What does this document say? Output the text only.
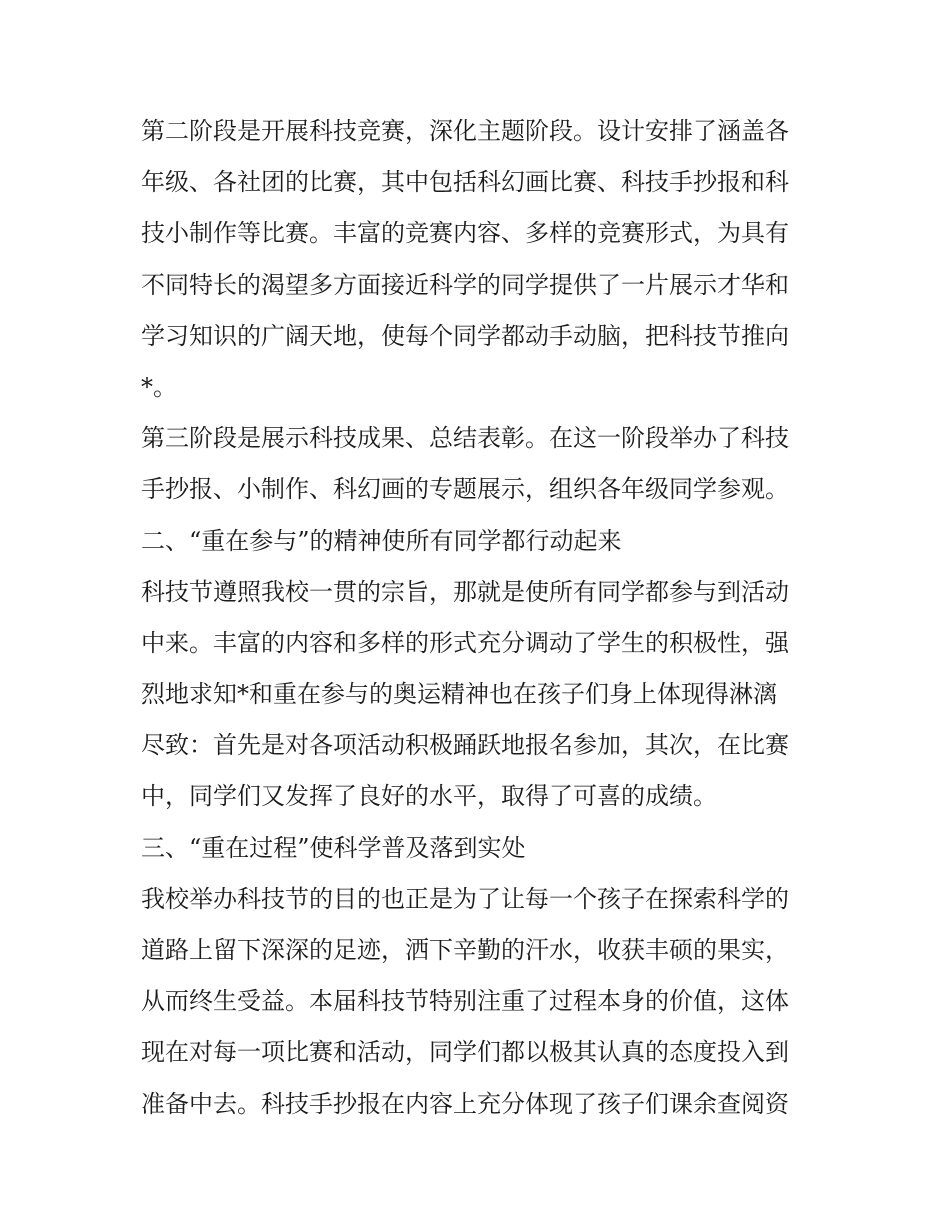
第二阶段是开展科技竞赛，深化主题阶段。设计安排了涵盖各
年级、各社团的比赛，其中包括科幻画比赛、科技手抄报和科
技小制作等比赛。丰富的竞赛内容、多样的竞赛形式，为具有
不同特长的渴望多方面接近科学的同学提供了一片展示才华和
学习知识的广阔天地，使每个同学都动手动脑，把科技节推向
*。
第三阶段是展示科技成果、总结表彰。在这一阶段举办了科技
手抄报、小制作、科幻画的专题展示，组织各年级同学参观。
二、“重在参与”的精神使所有同学都行动起来
科技节遵照我校一贯的宗旨，那就是使所有同学都参与到活动
中来。丰富的内容和多样的形式充分调动了学生的积极性，强
烈地求知*和重在参与的奥运精神也在孩子们身上体现得淋漓
尽致：首先是对各项活动积极踊跃地报名参加，其次，在比赛
中，同学们又发挥了良好的水平，取得了可喜的成绩。
三、“重在过程”使科学普及落到实处
我校举办科技节的目的也正是为了让每一个孩子在探索科学的
道路上留下深深的足迹，洒下辛勤的汗水，收获丰硕的果实，
从而终生受益。本届科技节特别注重了过程本身的价值，这体
现在对每一项比赛和活动，同学们都以极其认真的态度投入到
准备中去。科技手抄报在内容上充分体现了孩子们课余查阅资
